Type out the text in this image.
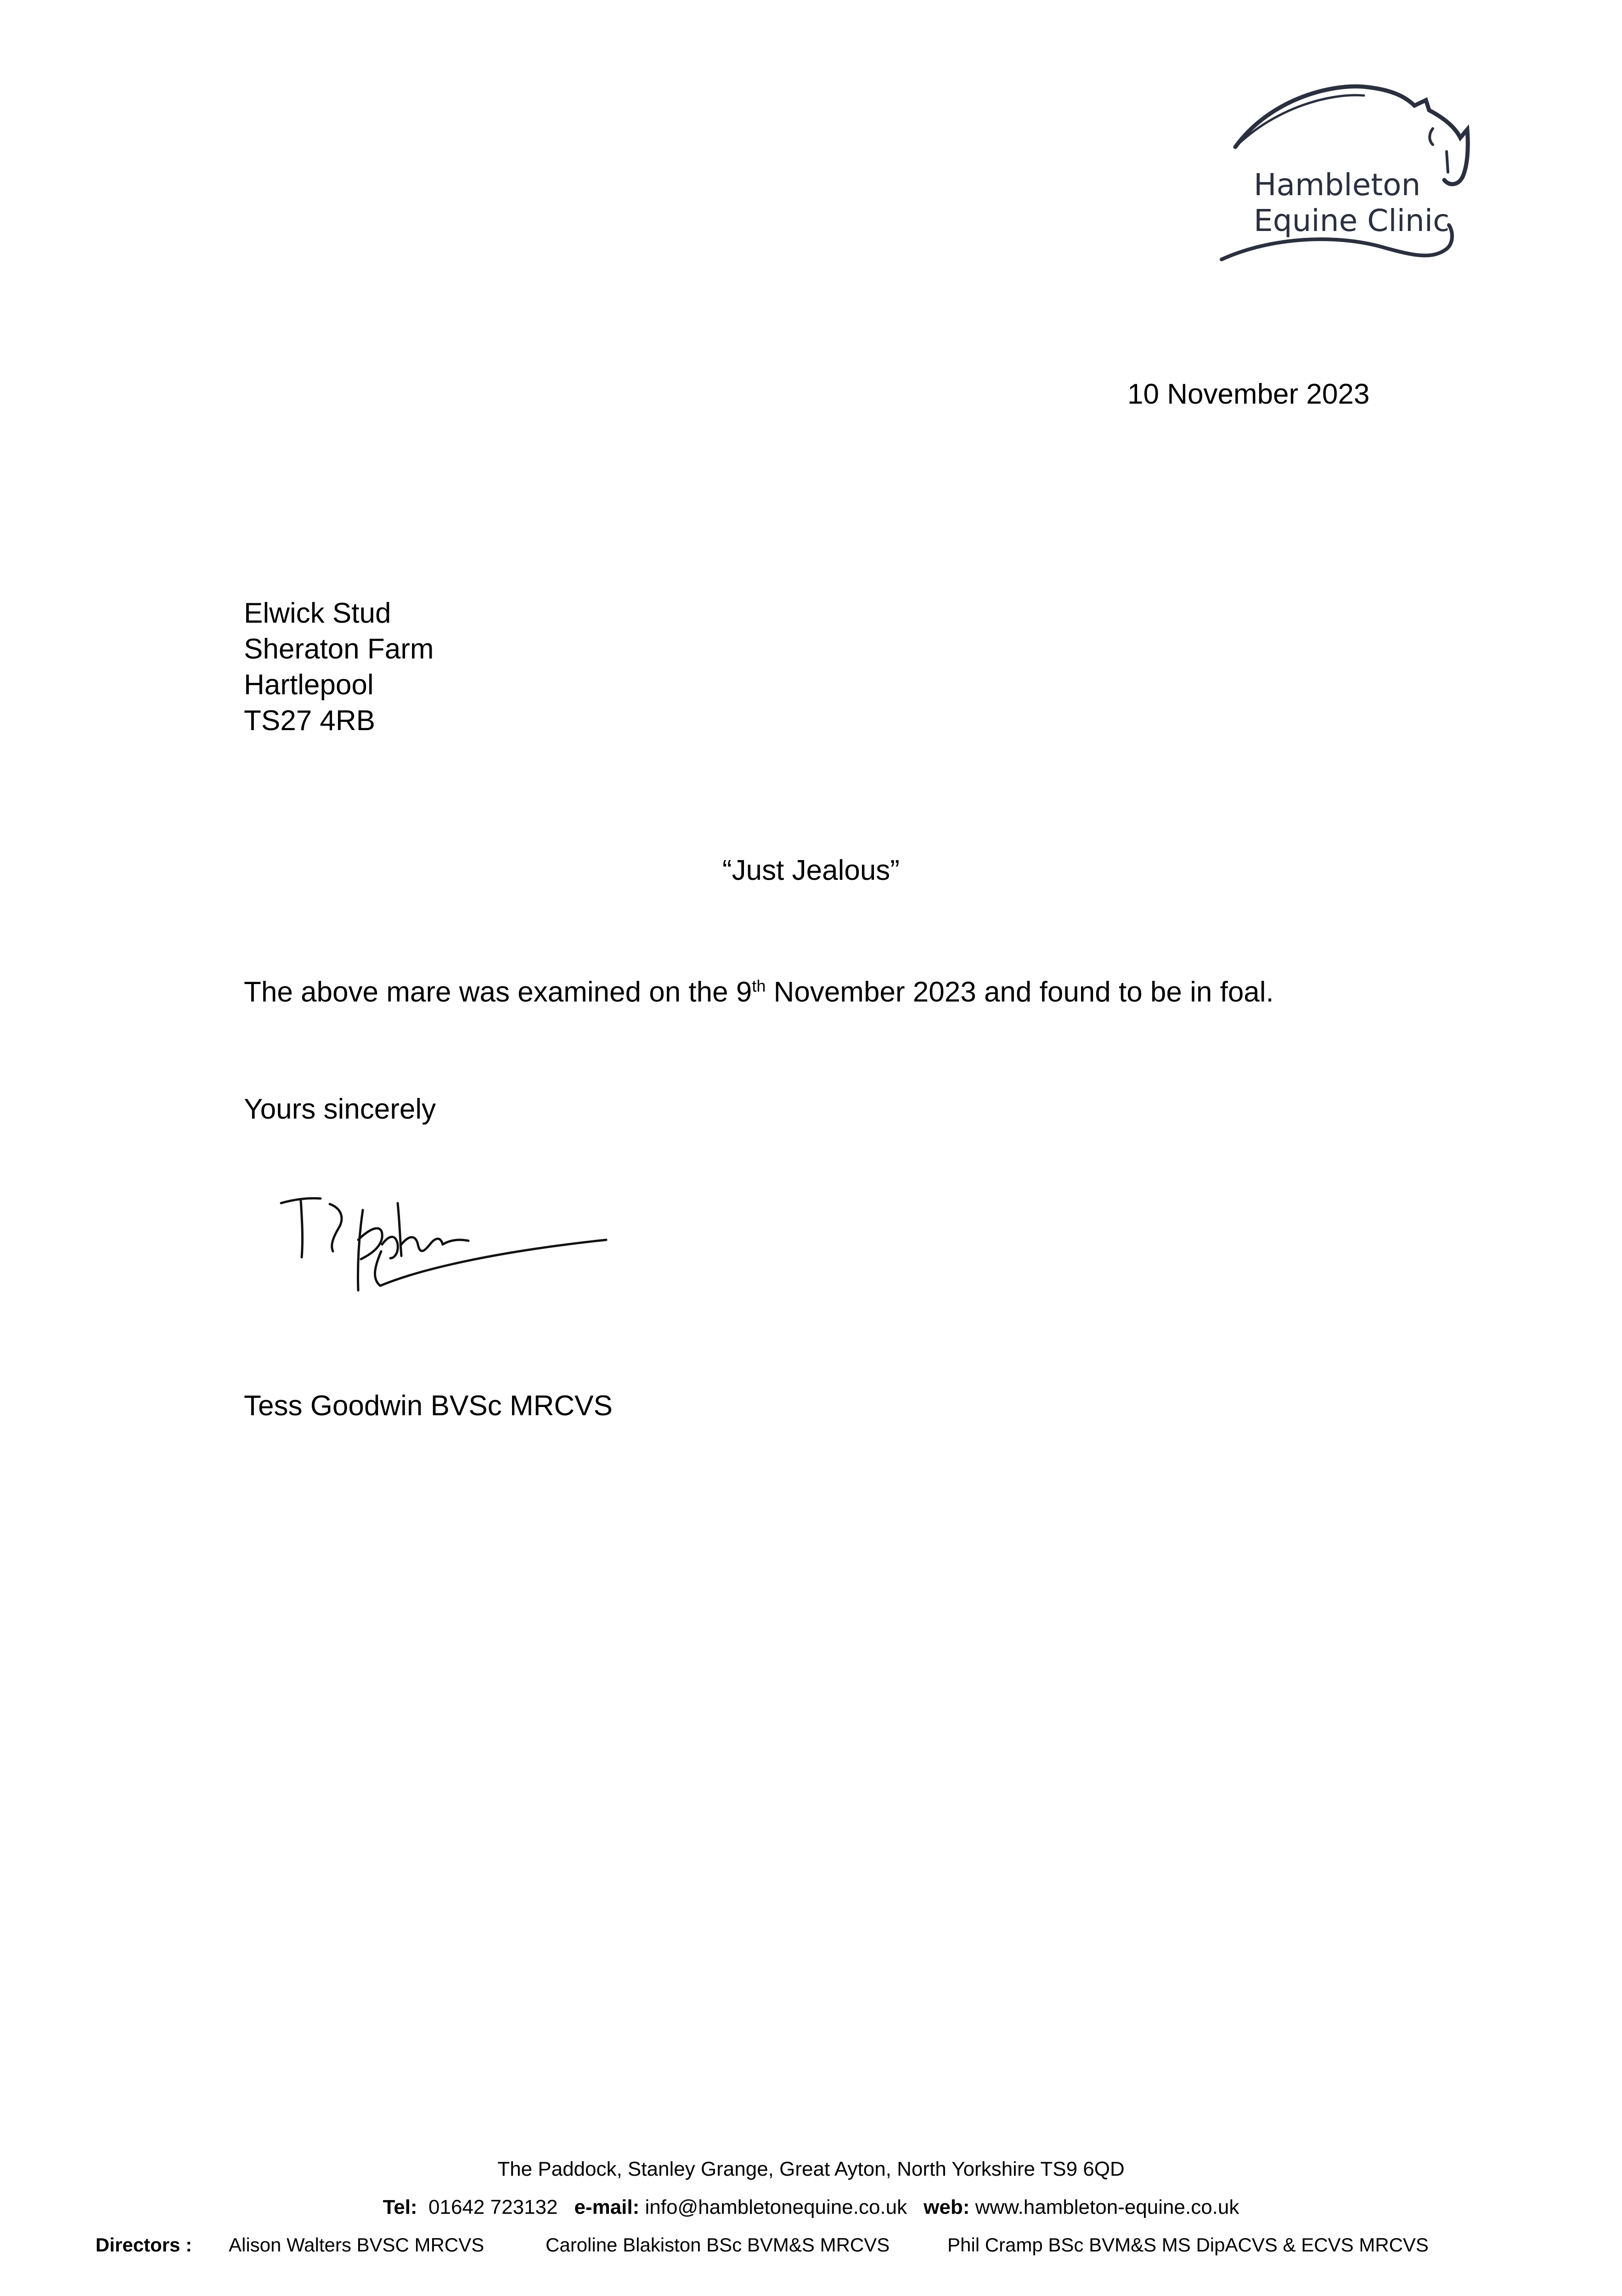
Hambleton
Equine Clinic
10 November 2023
Elwick Stud
Sheraton Farm
Hartlepool
TS27 4RB
“Just Jealous”
The above mare was examined on the 9th November 2023 and found to be in foal.
Yours sincerely
Tess Goodwin BVSc MRCVS
The Paddock, Stanley Grange, Great Ayton, North Yorkshire TS9 6QD
Tel: 01642 723132 e-mail: info@hambletonequine.co.uk web: www.hambleton-equine.co.uk
Directors : Alison Walters BVSC MRCVS	Caroline Blakiston BSc BVM&S MRCVS	Phil Cramp BSc BVM&S MS DipACVS & ECVS MRCVS
